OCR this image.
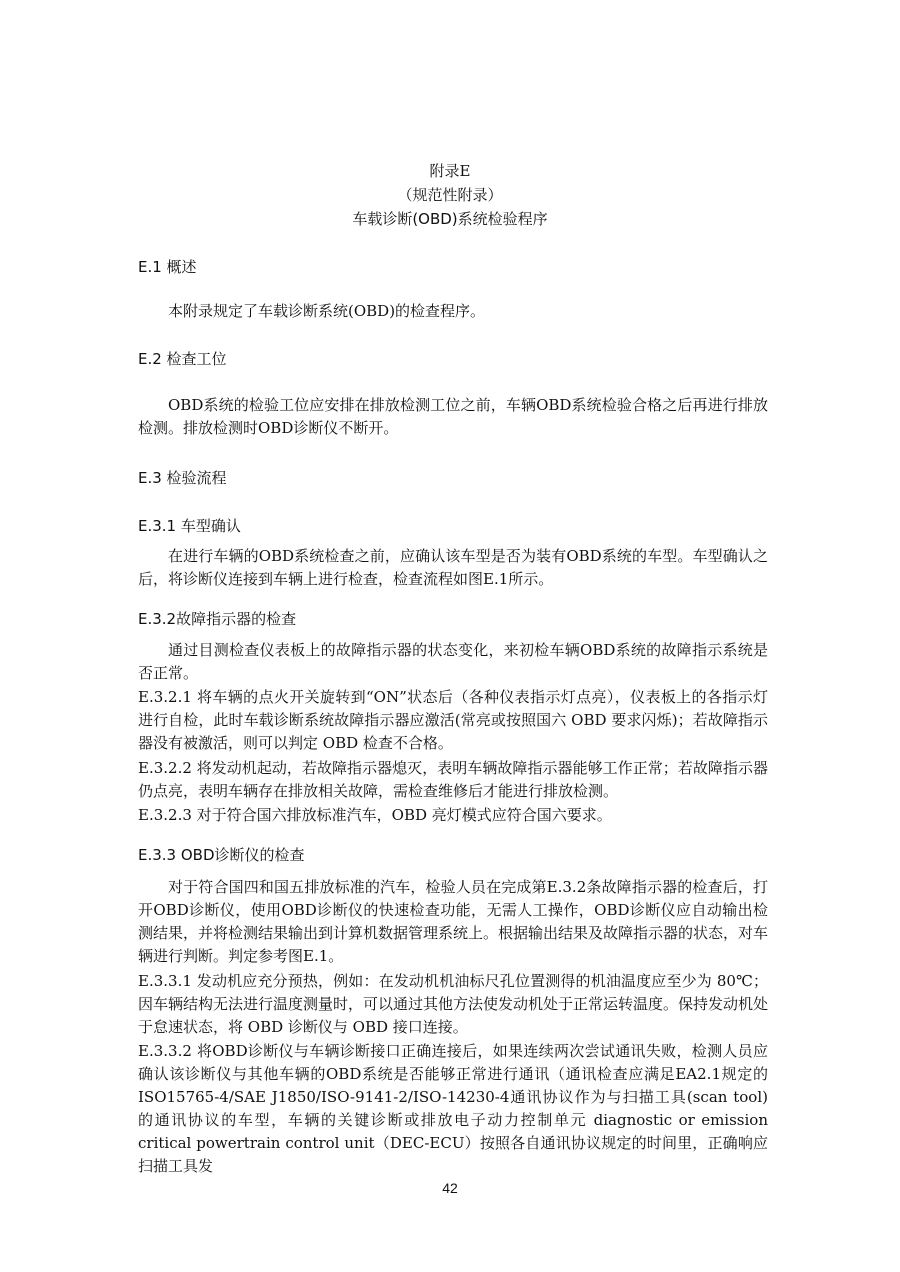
附录E
（规范性附录）
车载诊断(OBD)系统检验程序
E.1 概述

本附录规定了车载诊断系统(OBD)的检查程序。

E.2 检查工位

OBD系统的检验工位应安排在排放检测工位之前，车辆OBD系统检验合格之后再进行排放检测。排放检测时OBD诊断仪不断开。

E.3 检验流程
E.3.1 车型确认

在进行车辆的OBD系统检查之前，应确认该车型是否为装有OBD系统的车型。车型确认之后，将诊断仪连接到车辆上进行检查，检查流程如图E.1所示。

E.3.2故障指示器的检查

通过目测检查仪表板上的故障指示器的状态变化，来初检车辆OBD系统的故障指示系统是否正常。

E.3.2.1 将车辆的点火开关旋转到“ON”状态后（各种仪表指示灯点亮），仪表板上的各指示灯进行自检，此时车载诊断系统故障指示器应激活(常亮或按照国六 OBD 要求闪烁)；若故障指示器没有被激活，则可以判定 OBD 检查不合格。

E.3.2.2 将发动机起动，若故障指示器熄灭，表明车辆故障指示器能够工作正常；若故障指示器仍点亮，表明车辆存在排放相关故障，需检查维修后才能进行排放检测。

E.3.2.3 对于符合国六排放标准汽车，OBD 亮灯模式应符合国六要求。

E.3.3 OBD诊断仪的检查

对于符合国四和国五排放标准的汽车，检验人员在完成第E.3.2条故障指示器的检查后，打开OBD诊断仪，使用OBD诊断仪的快速检查功能，无需人工操作，OBD诊断仪应自动输出检测结果，并将检测结果输出到计算机数据管理系统上。根据输出结果及故障指示器的状态，对车辆进行判断。判定参考图E.1。

E.3.3.1 发动机应充分预热，例如：在发动机机油标尺孔位置测得的机油温度应至少为 80℃；因车辆结构无法进行温度测量时，可以通过其他方法使发动机处于正常运转温度。保持发动机处于怠速状态，将 OBD 诊断仪与 OBD 接口连接。

E.3.3.2 将OBD诊断仪与车辆诊断接口正确连接后，如果连续两次尝试通讯失败，检测人员应确认该诊断仪与其他车辆的OBD系统是否能够正常进行通讯（通讯检查应满足EA2.1规定的ISO15765-4/SAE J1850/ISO-9141-2/ISO-14230-4通讯协议作为与扫描工具(scan tool)的通讯协议的车型，车辆的关键诊断或排放电子动力控制单元 diagnostic or emission critical powertrain control unit（DEC-ECU）按照各自通讯协议规定的时间里，正确响应扫描工具发

42
